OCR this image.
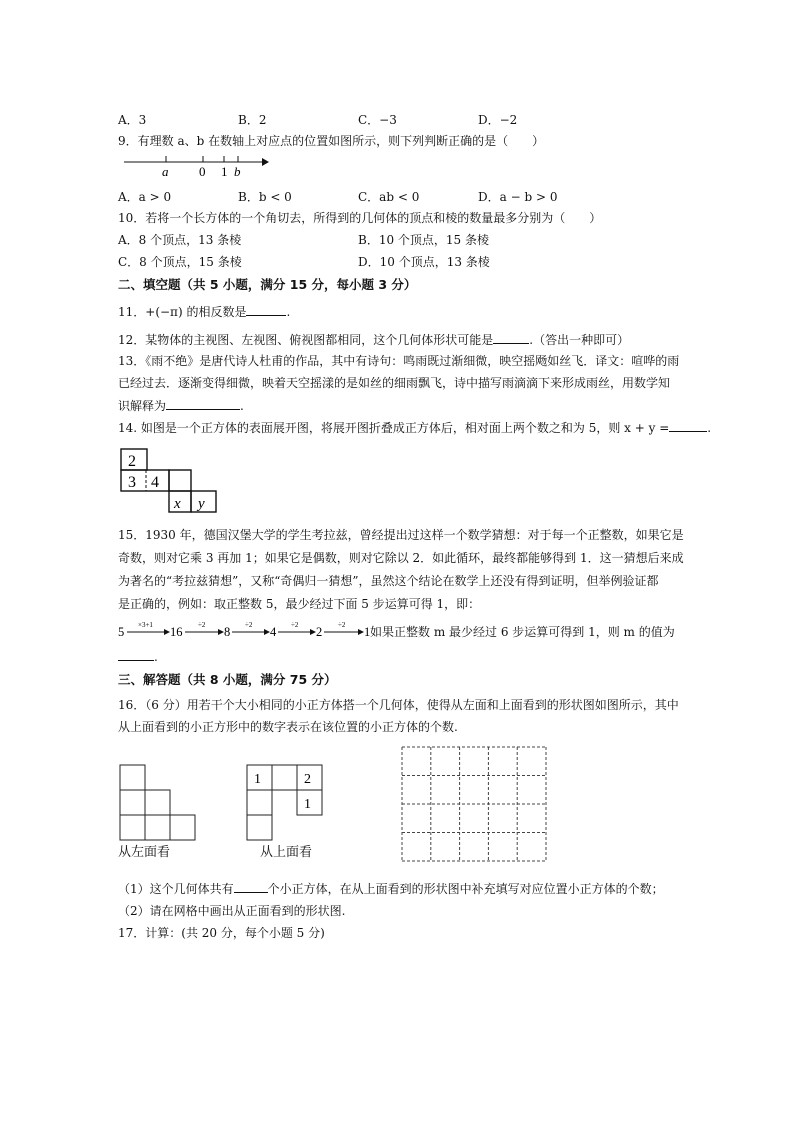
A．3	B．2	C．−3	D．−2
9．有理数 a、b 在数轴上对应点的位置如图所示，则下列判断正确的是（　　）
a 0 1 b
A．a > 0	B．b < 0	C．ab < 0	D．a − b > 0
10．若将一个长方体的一个角切去，所得到的几何体的顶点和棱的数量最多分别为（　　）
A．8 个顶点，13 条棱	B．10 个顶点，15 条棱
C．8 个顶点，15 条棱	D．10 个顶点，13 条棱
二、填空题（共 5 小题，满分 15 分，每小题 3 分）
11．+(−π) 的相反数是	.
12．某物体的主视图、左视图、俯视图都相同，这个几何体形状可能是	.（答出一种即可）
13．《雨不绝》是唐代诗人杜甫的作品，其中有诗句：鸣雨既过渐细微，映空摇飏如丝飞．译文：喧哗的雨
已经过去．逐渐变得细微，映着天空摇漾的是如丝的细雨飘飞，诗中描写雨滴滴下来形成雨丝，用数学知
识解释为	.
14. 如图是一个正方体的表面展开图，将展开图折叠成正方体后，相对面上两个数之和为 5，则 x + y =	.
2
3 4
x y
15．1930 年，德国汉堡大学的学生考拉兹，曾经提出过这样一个数学猜想：对于每一个正整数，如果它是
奇数，则对它乘 3 再加 1；如果它是偶数，则对它除以 2．如此循环，最终都能够得到 1．这一猜想后来成
为著名的“考拉兹猜想”，又称“奇偶归一猜想”，虽然这个结论在数学上还没有得到证明，但举例验证都
是正确的，例如：取正整数 5，最少经过下面 5 步运算可得 1，即：
5	16	8	4	2	1
×3+1	÷2	÷2	÷2	÷2 如果正整数 m 最少经过 6 步运算可得到 1，则 m 的值为
.
三、解答题（共 8 小题，满分 75 分）
16．（6 分）用若干个大小相同的小正方体搭一个几何体，使得从左面和上面看到的形状图如图所示，其中
从上面看到的小正方形中的数字表示在该位置的小正方体的个数.
从左面看
1	2
1
从上面看
（1）这个几何体共有	个小正方体，在从上面看到的形状图中补充填写对应位置小正方体的个数；
（2）请在网格中画出从正面看到的形状图.
17．计算：(共 20 分，每个小题 5 分)
